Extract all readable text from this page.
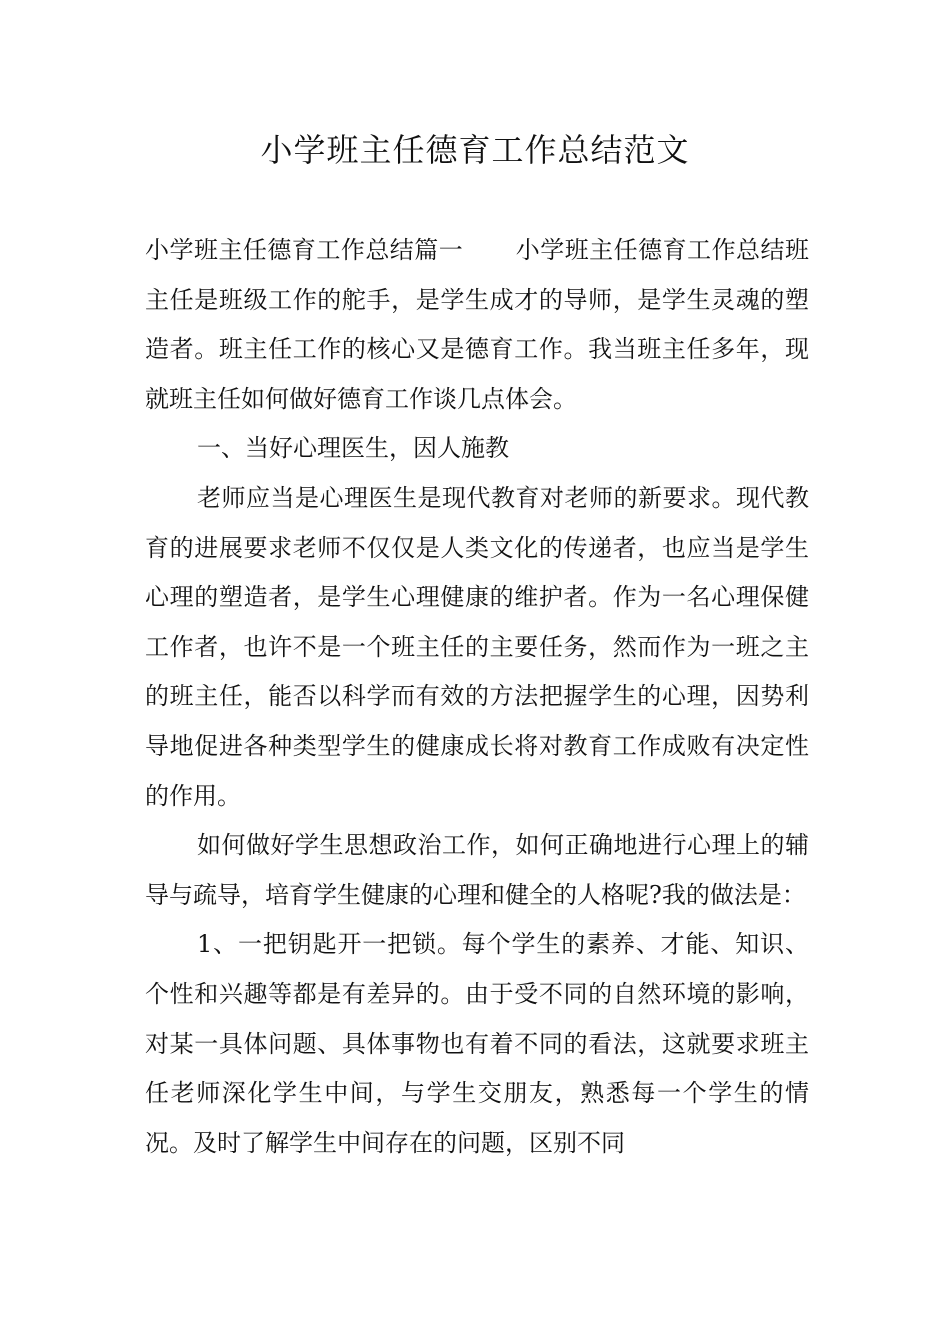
小学班主任德育工作总结范文

小学班主任德育工作总结篇一 小学班主任德育工作总结班主任是班级工作的舵手，是学生成才的导师，是学生灵魂的塑造者。班主任工作的核心又是德育工作。我当班主任多年，现就班主任如何做好德育工作谈几点体会。

一、当好心理医生，因人施教

老师应当是心理医生是现代教育对老师的新要求。现代教育的进展要求老师不仅仅是人类文化的传递者，也应当是学生心理的塑造者，是学生心理健康的维护者。作为一名心理保健工作者，也许不是一个班主任的主要任务，然而作为一班之主的班主任，能否以科学而有效的方法把握学生的心理，因势利导地促进各种类型学生的健康成长将对教育工作成败有决定性的作用。

如何做好学生思想政治工作，如何正确地进行心理上的辅导与疏导，培育学生健康的心理和健全的人格呢?我的做法是：

1、一把钥匙开一把锁。每个学生的素养、才能、知识、个性和兴趣等都是有差异的。由于受不同的自然环境的影响，对某一具体问题、具体事物也有着不同的看法，这就要求班主任老师深化学生中间，与学生交朋友，熟悉每一个学生的情况。及时了解学生中间存在的问题，区别不同
